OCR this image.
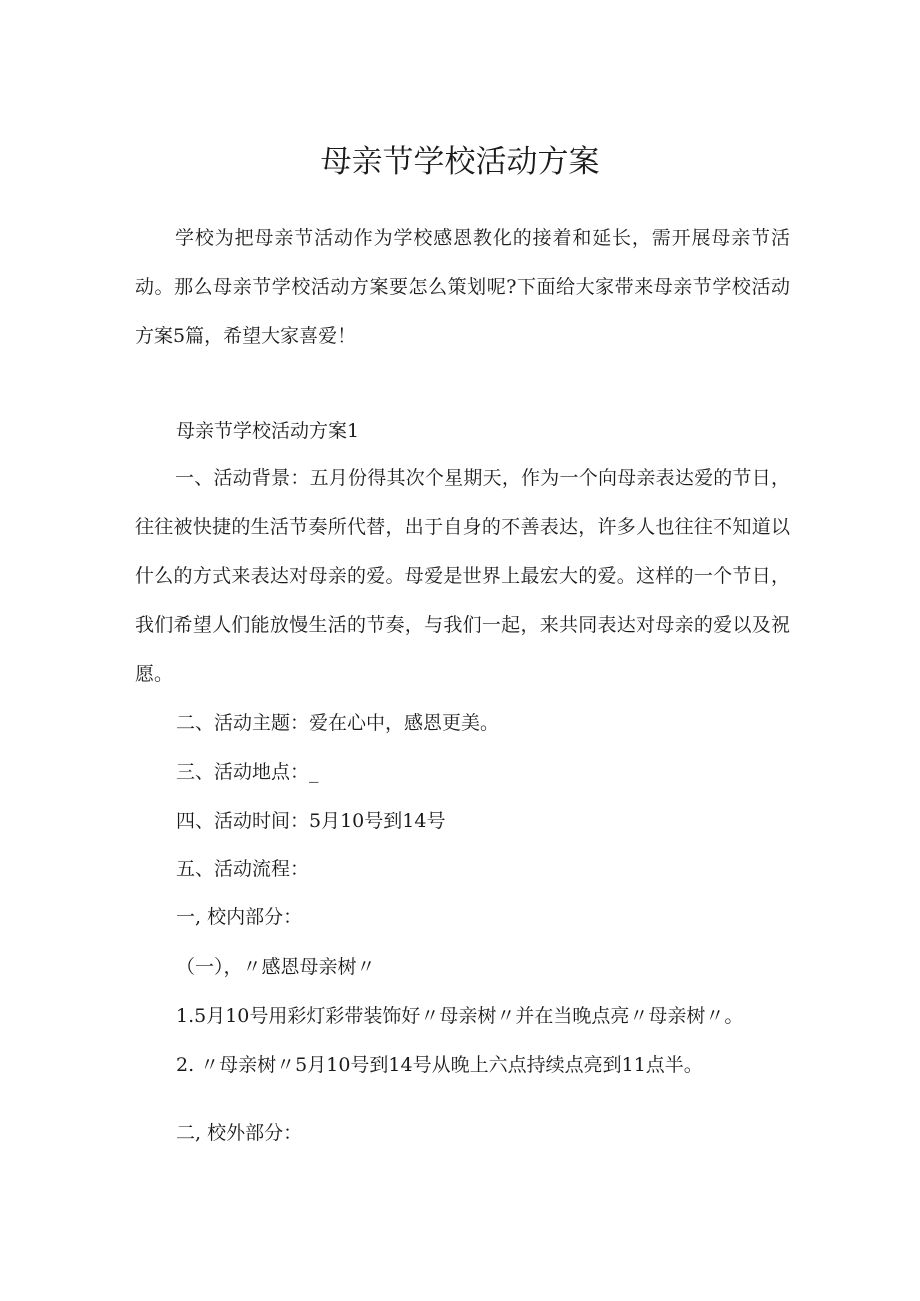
母亲节学校活动方案

学校为把母亲节活动作为学校感恩教化的接着和延长，需开展母亲节活动。那么母亲节学校活动方案要怎么策划呢?下面给大家带来母亲节学校活动方案5篇，希望大家喜爱！

母亲节学校活动方案1

一、活动背景：五月份得其次个星期天，作为一个向母亲表达爱的节日，往往被快捷的生活节奏所代替，出于自身的不善表达，许多人也往往不知道以什么的方式来表达对母亲的爱。母爱是世界上最宏大的爱。这样的一个节日，我们希望人们能放慢生活的节奏，与我们一起，来共同表达对母亲的爱以及祝愿。

二、活动主题：爱在心中，感恩更美。

三、活动地点：_

四、活动时间：5月10号到14号

五、活动流程：

一, 校内部分：

（一），〃感恩母亲树〃

1.5月10号用彩灯彩带装饰好〃母亲树〃并在当晚点亮〃母亲树〃。

2. 〃母亲树〃5月10号到14号从晚上六点持续点亮到11点半。

二, 校外部分：
